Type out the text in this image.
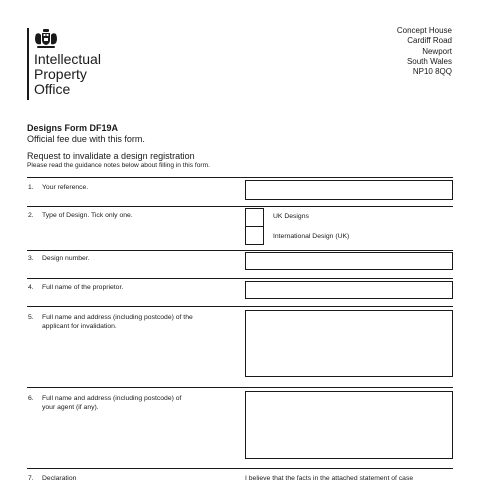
Intellectual
Property
Office
Concept House
Cardiff Road
Newport
South Wales
NP10 8QQ
Designs Form DF19A
Official fee due with this form.
Request to invalidate a design registration
Please read the guidance notes below about filling in this form.
1. Your reference.
2. Type of Design. Tick only one.	UK Designs
International Design (UK)
3. Design number.
4. Full name of the proprietor.
5. Full name and address (including postcode) of the
applicant for invalidation.
6. Full name and address (including postcode) of
your agent (if any).
7. Declaration	I believe that the facts in the attached statement of case
